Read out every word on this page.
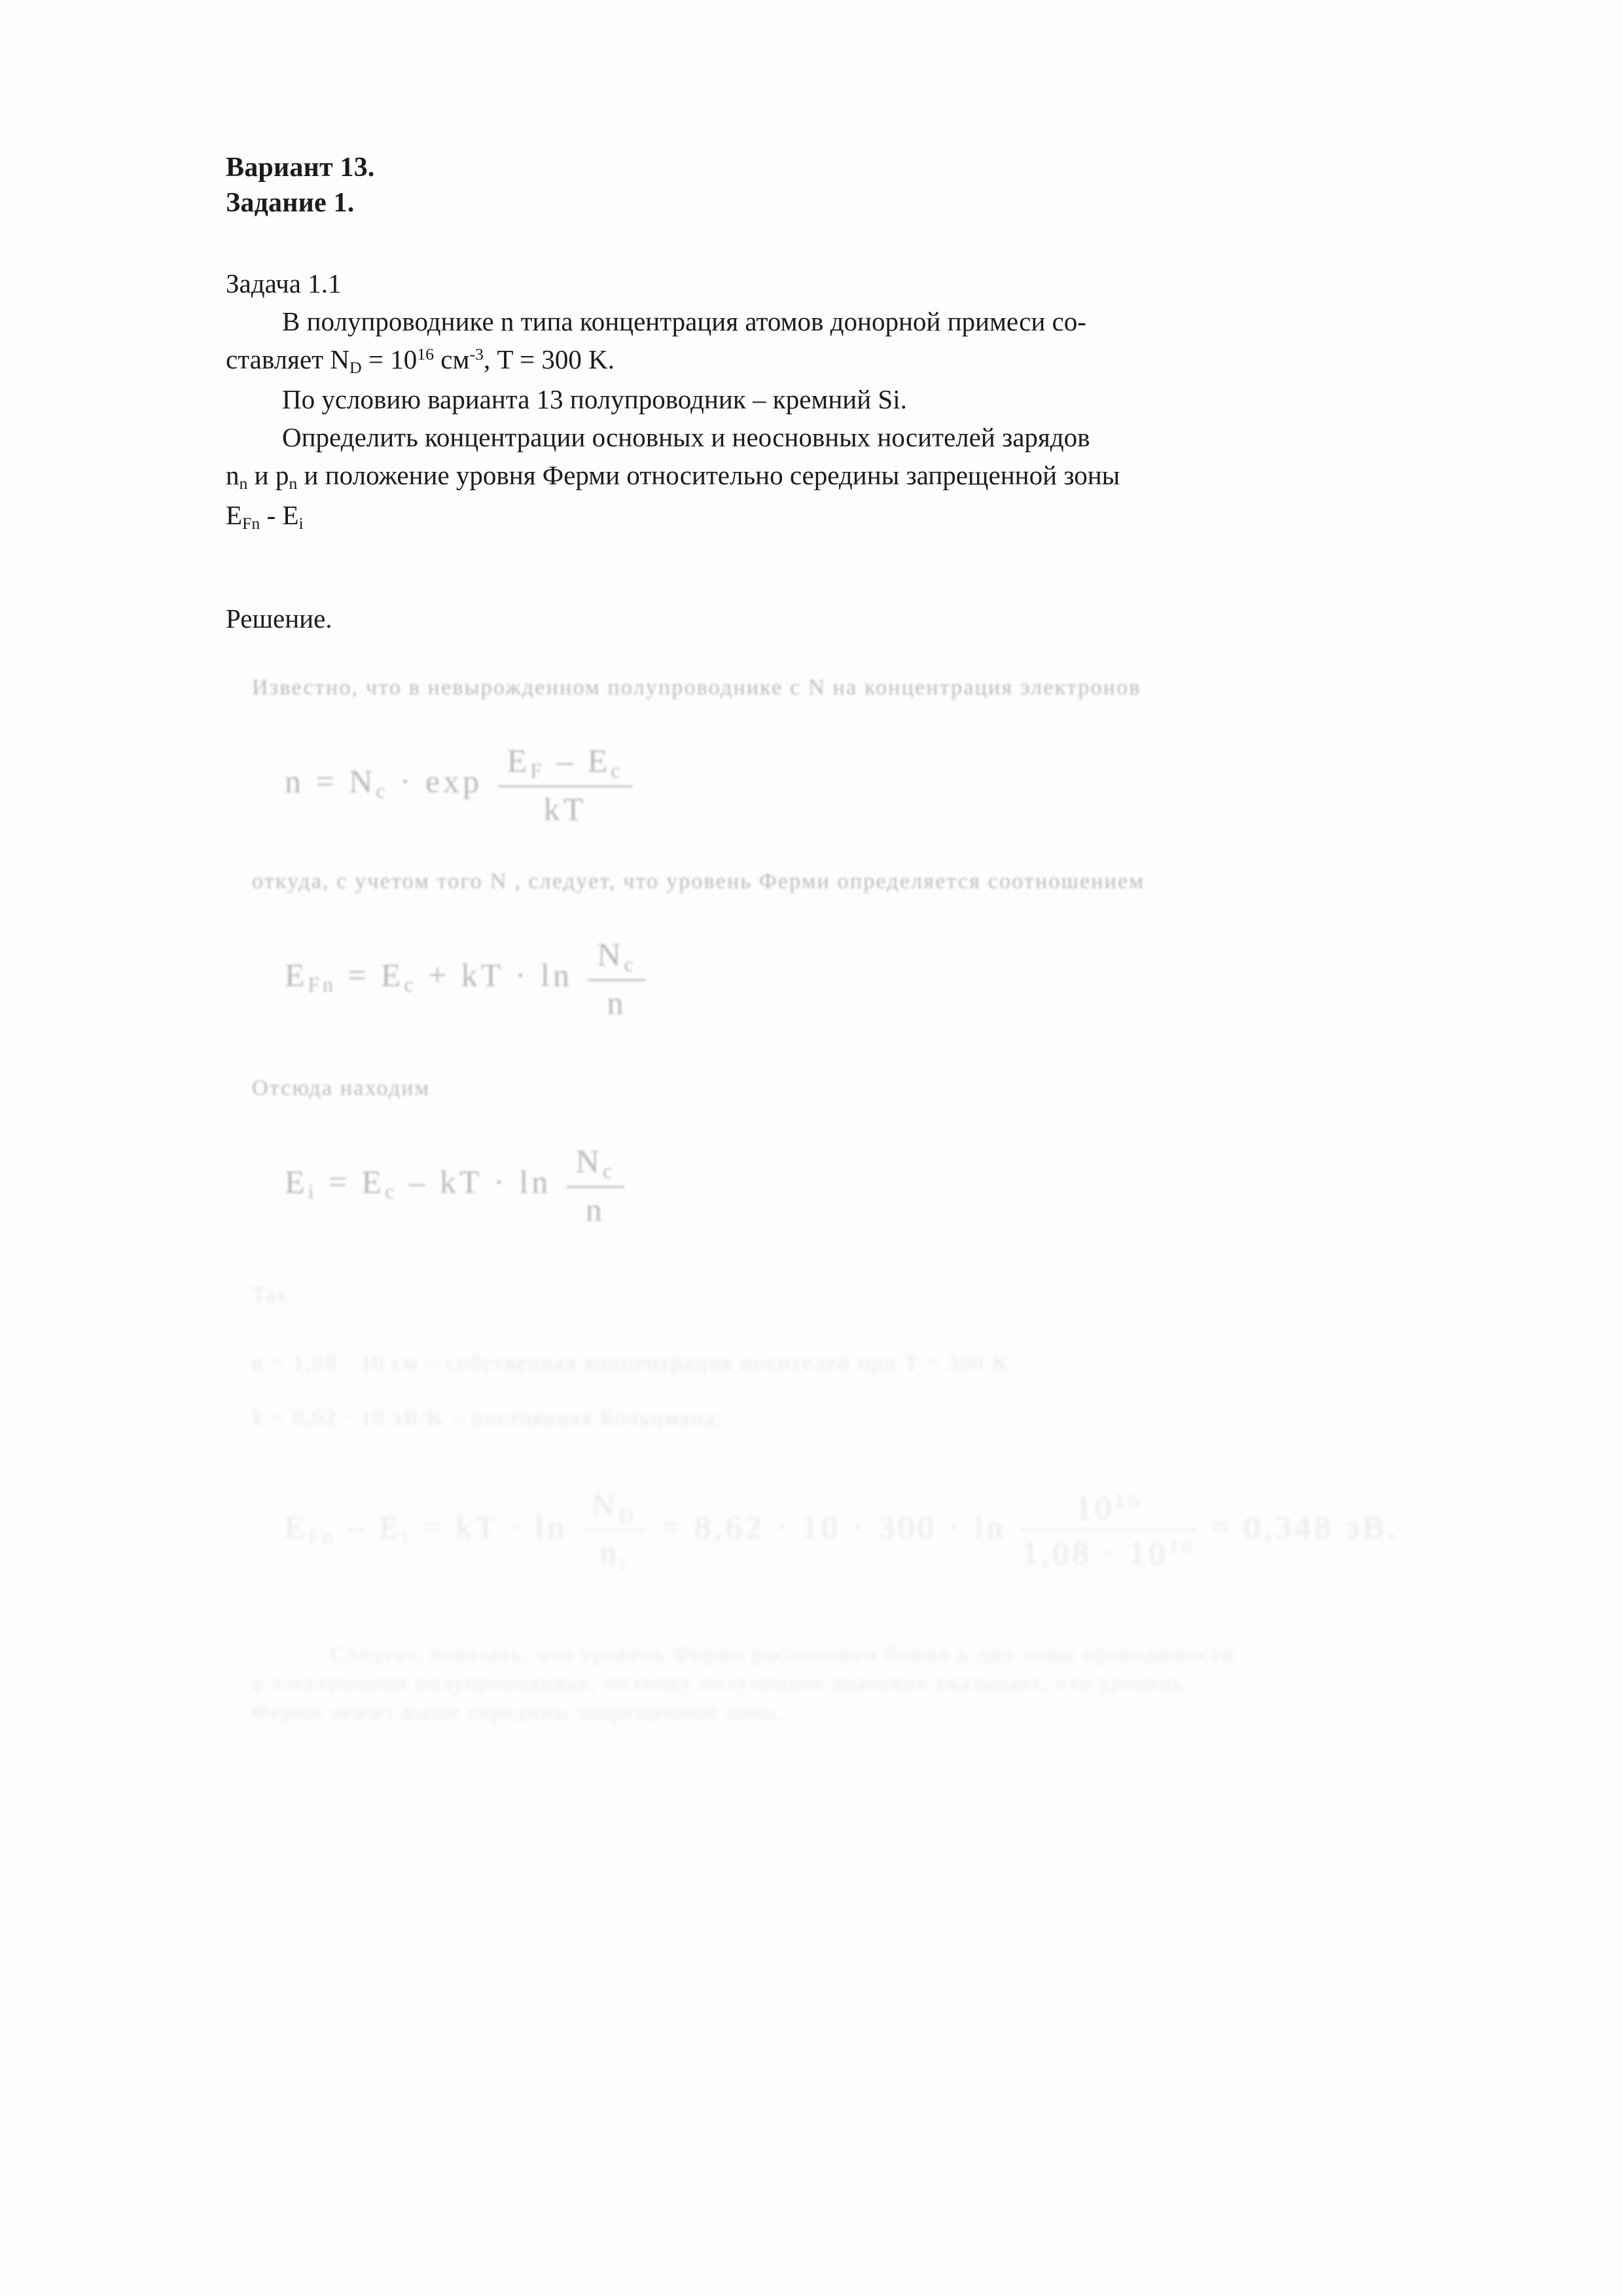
Вариант 13.
Задание 1.
Задача 1.1
В полупроводнике n типа концентрация атомов донорной примеси со-
ставляет $N_D = 10^{16}$ $см^{-3}$, T = 300 K.
По условию варианта 13 полупроводник – кремний Si.
Определить концентрации основных и неосновных носителей зарядов
$n_n$ и $p_n$ и положение уровня Ферми относительно середины запрещенной зоны
$E_{Fn} - E_i$
Решение.
Известно, что в невырожденном полупроводнике с N на концентрация электронов
$n = N_c \cdot \exp \frac{E_F - E_c}{kT}$
откуда, с учетом того N , следует, что уровень Ферми определяется соотношением
$E_{Fn} = E_c$ + kT · $\ln \frac{N_c}{n}$
Отсюда находим
$E_i = E_c$ – kT · $\ln \frac{N_c}{n}$
Так
n = 1,08 · 10 см – собственная концентрация носителей при T = 300 K
k = 8,62 · 10 эВ/K – постоянная Больцмана;
$E_{Fn} - E_i$ = kT · $\ln \frac{N_D}{n_i} = 8,62 \cdot 10 \cdot 300 \cdot \ln \frac{10^{16}}{1,08 \cdot 10^{10}} = 0,348$ эВ.
Следует, показать, что уровень Ферми расположен ближе к дну зоны проводимости
в электронном полупроводнике, поэтому полученное значение указывает, что уровень
Ферми лежит выше середины запрещенной зоны.
